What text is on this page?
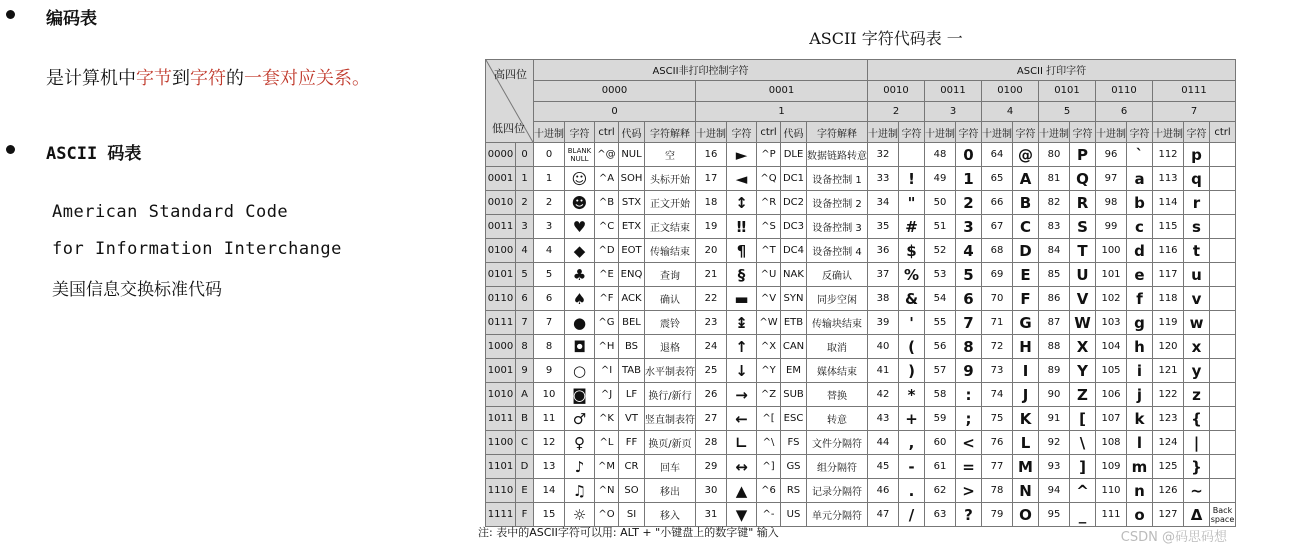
编码表
是计算机中字节到字符的一套对应关系。
ASCII 码表
American Standard Code
for Information Interchange
美国信息交换标准代码
ASCII 字符代码表 一
高四位
低四位		ASCII非打印控制字符										ASCII 打印字符												
		0000					0001					0010		0011		0100		0101		0110		0111		
		0					1					2		3		4		5		6		7		
		十进制	字符	ctrl	代码	字符解释	十进制	字符	ctrl	代码	字符解释	十进制	字符	十进制	字符	十进制	字符	十进制	字符	十进制	字符	十进制	字符	ctrl
0000	0	0	BLANK NULL	^@	NUL	空	16	►	^P	DLE	数据链路转意	32		48	0	64	@	80	P	96	`	112	p	
0001	1	1	☺	^A	SOH	头标开始	17	◄	^Q	DC1	设备控制 1	33	!	49	1	65	A	81	Q	97	a	113	q	
0010	2	2	☻	^B	STX	正文开始	18	↕	^R	DC2	设备控制 2	34	"	50	2	66	B	82	R	98	b	114	r	
0011	3	3	♥	^C	ETX	正文结束	19	‼	^S	DC3	设备控制 3	35	#	51	3	67	C	83	S	99	c	115	s	
0100	4	4	◆	^D	EOT	传输结束	20	¶	^T	DC4	设备控制 4	36	$	52	4	68	D	84	T	100	d	116	t	
0101	5	5	♣	^E	ENQ	查询	21	§	^U	NAK	反确认	37	%	53	5	69	E	85	U	101	e	117	u	
0110	6	6	♠	^F	ACK	确认	22	▬	^V	SYN	同步空闲	38	&	54	6	70	F	86	V	102	f	118	v	
0111	7	7	●	^G	BEL	震铃	23	↨	^W	ETB	传输块结束	39	'	55	7	71	G	87	W	103	g	119	w	
1000	8	8	◘	^H	BS	退格	24	↑	^X	CAN	取消	40	(	56	8	72	H	88	X	104	h	120	x	
1001	9	9	○	^I	TAB	水平制表符	25	↓	^Y	EM	媒体结束	41	)	57	9	73	I	89	Y	105	i	121	y	
1010	A	10	◙	^J	LF	换行/新行	26	→	^Z	SUB	替换	42	*	58	:	74	J	90	Z	106	j	122	z	
1011	B	11	♂	^K	VT	竖直制表符	27	←	^[	ESC	转意	43	+	59	;	75	K	91	[	107	k	123	{	
1100	C	12	♀	^L	FF	换页/新页	28	∟	^\	FS	文件分隔符	44	,	60	<	76	L	92	\	108	l	124	|	
1101	D	13	♪	^M	CR	回车	29	↔	^]	GS	组分隔符	45	-	61	=	77	M	93	]	109	m	125	}	
1110	E	14	♫	^N	SO	移出	30	▲	^6	RS	记录分隔符	46	.	62	>	78	N	94	^	110	n	126	~	
1111	F	15	☼	^O	SI	移入	31	▼	^-	US	单元分隔符	47	/	63	?	79	O	95	_	111	o	127	Δ	Back space
注: 表中的ASCII字符可以用: ALT + "小键盘上的数字键" 输入	CSDN @码思码想
